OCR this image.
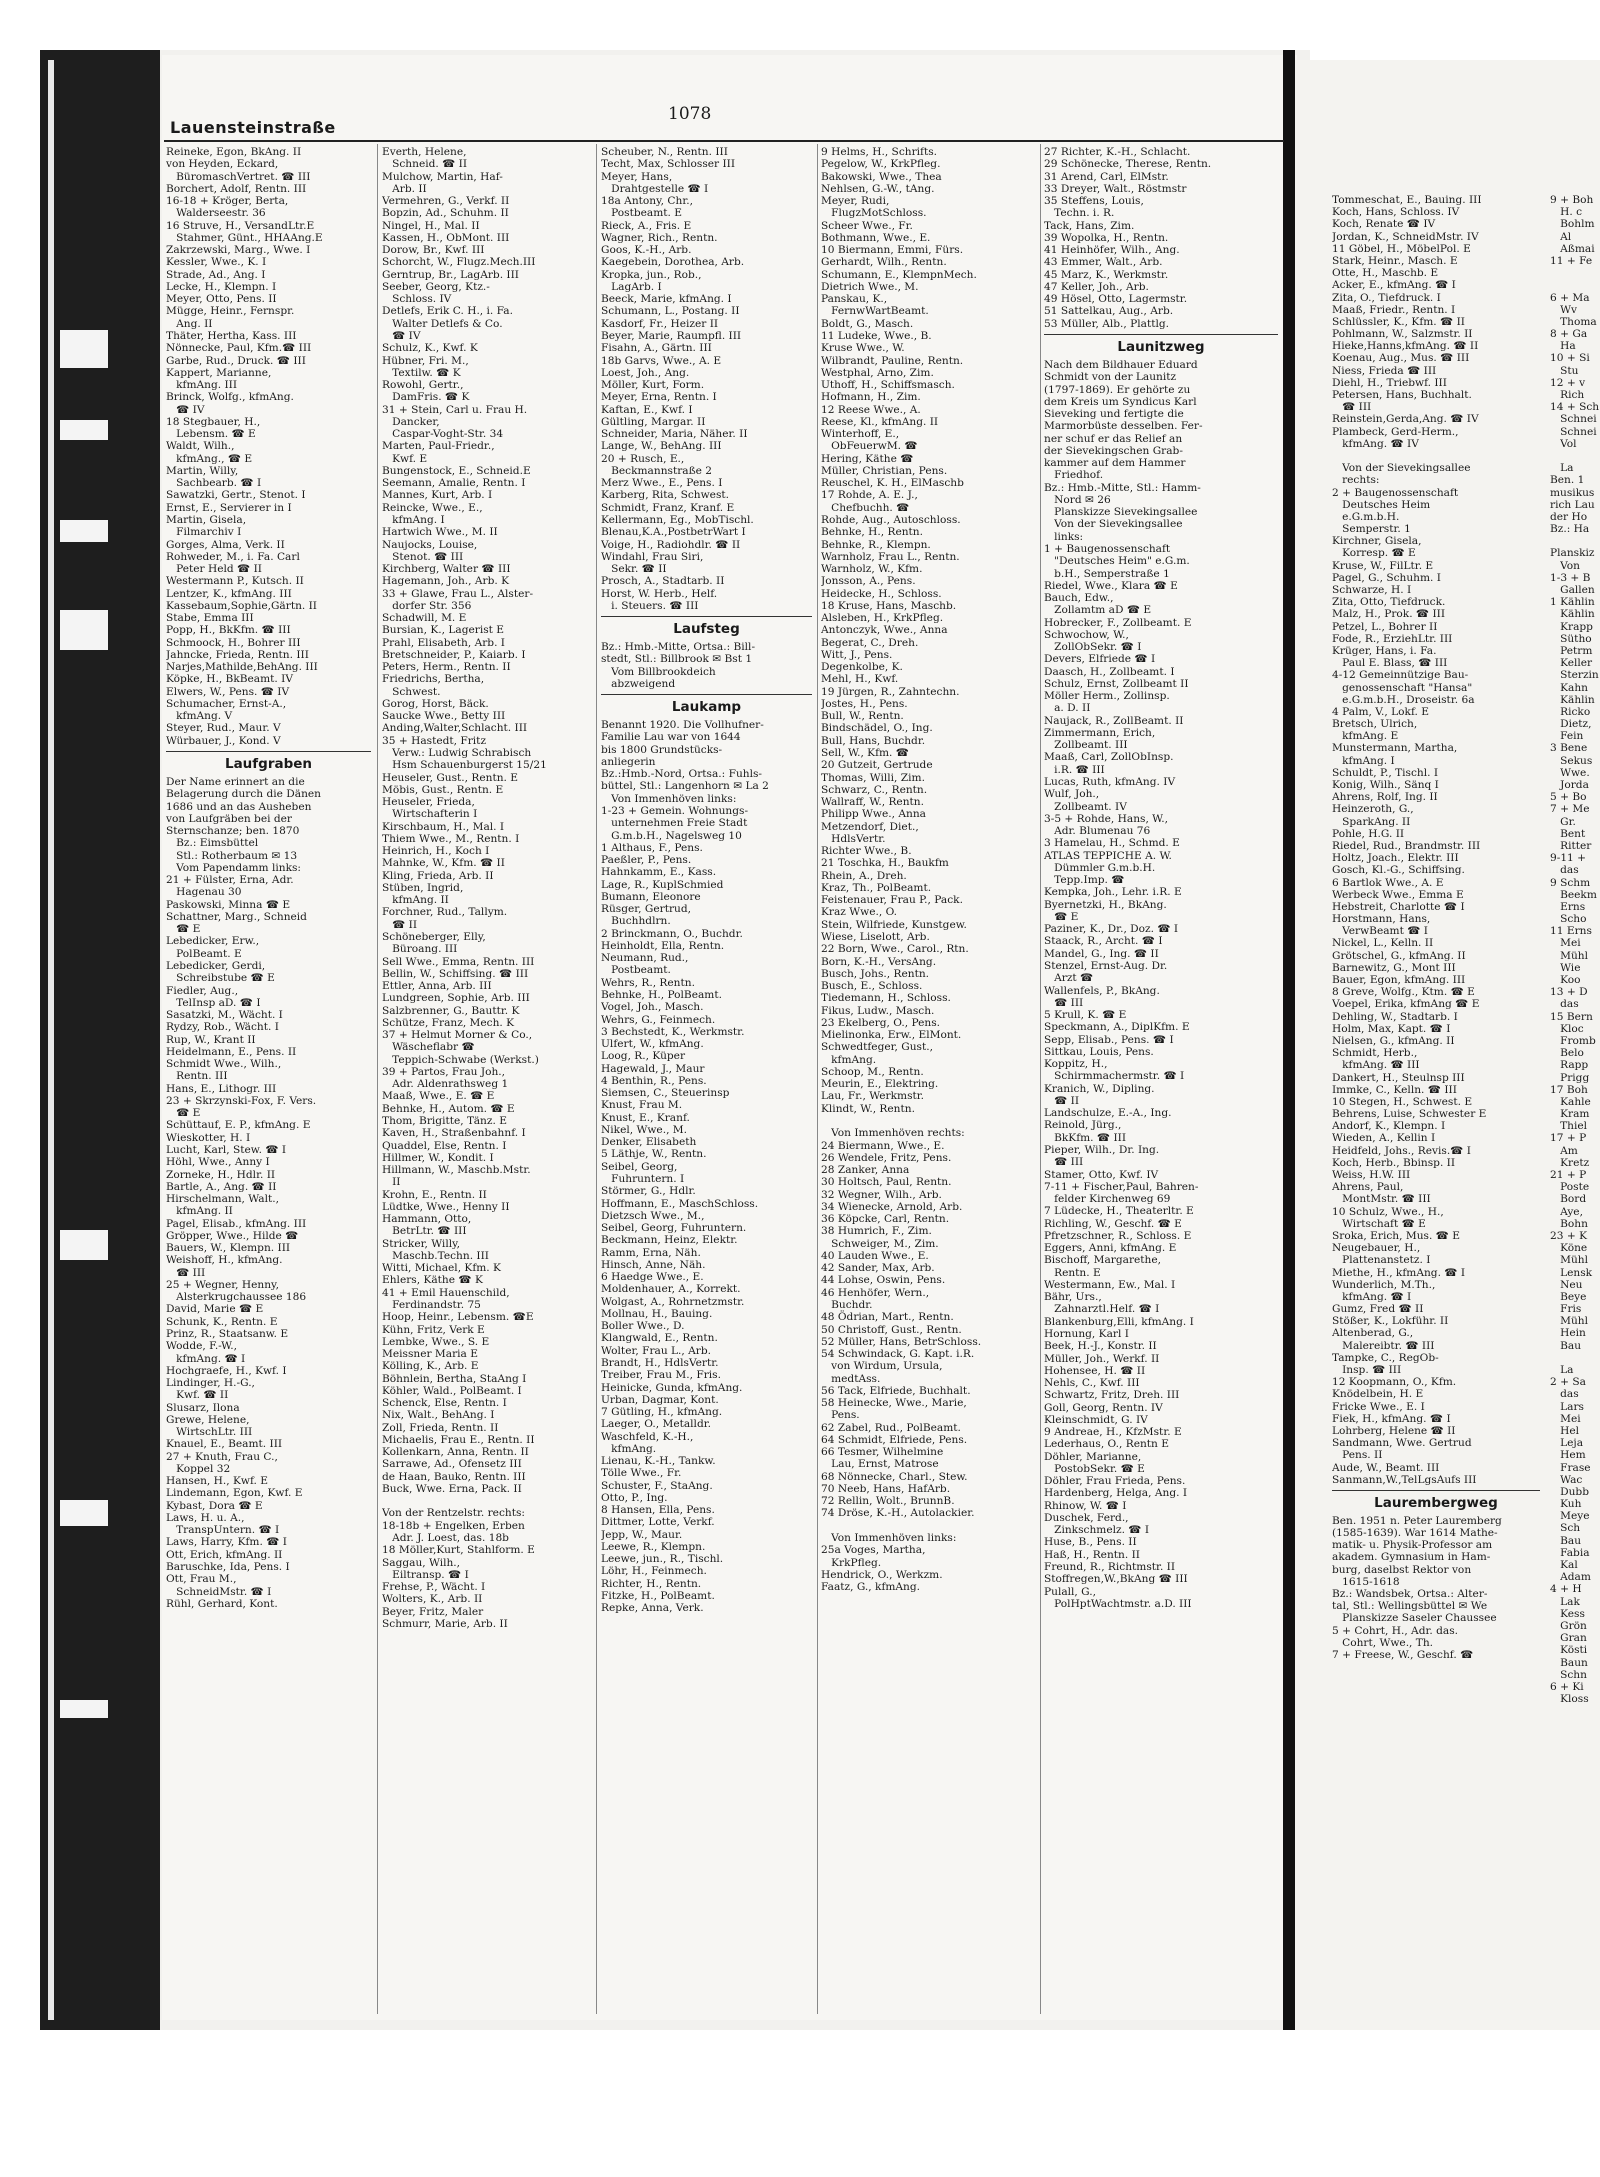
Lauensteinstraße
1078
Reineke, Egon, BkAng. II
von Heyden, Eckard,
BüromaschVertret. ☎ III
Borchert, Adolf, Rentn. III
16-18 + Kröger, Berta,
Walderseestr. 36
16 Struve, H., VersandLtr.E
Stahmer, Günt., HHAAng.E
Zakrzewski, Marg., Wwe. I
Kessler, Wwe., K. I
Strade, Ad., Ang. I
Lecke, H., Klempn. I
Meyer, Otto, Pens. II
Mügge, Heinr., Fernspr.
Ang. II
Thäter, Hertha, Kass. III
Nönnecke, Paul, Kfm.☎ III
Garbe, Rud., Druck. ☎ III
Kappert, Marianne,
kfmAng. III
Brinck, Wolfg., kfmAng.
☎ IV
18 Stegbauer, H.,
Lebensm. ☎ E
Waldt, Wilh.,
kfmAng., ☎ E
Martin, Willy,
Sachbearb. ☎ I
Sawatzki, Gertr., Stenot. I
Ernst, E., Servierer in I
Martin, Gisela,
Filmarchiv I
Gorges, Alma, Verk. II
Rohweder, M., i. Fa. Carl
Peter Held ☎ II
Westermann P., Kutsch. II
Lentzer, K., kfmAng. III
Kassebaum,Sophie,Gärtn. II
Stabe, Emma III
Popp, H., BkKfm. ☎ III
Schmoock, H., Bohrer III
Jahncke, Frieda, Rentn. III
Narjes,Mathilde,BehAng. III
Köpke, H., BkBeamt. IV
Elwers, W., Pens. ☎ IV
Schumacher, Ernst-A.,
kfmAng. V
Steyer, Rud., Maur. V
Würbauer, J., Kond. V
Laufgraben
Der Name erinnert an die
Belagerung durch die Dänen
1686 und an das Ausheben
von Laufgräben bei der
Sternschanze; ben. 1870
Bz.: Eimsbüttel
Stl.: Rotherbaum ✉ 13
Vom Papendamm links:
21 + Fülster, Erna, Adr.
Hagenau 30
Paskowski, Minna ☎ E
Schattner, Marg., Schneid
☎ E
Lebedicker, Erw.,
PolBeamt. E
Lebedicker, Gerdi,
Schreibstube ☎ E
Fiedler, Aug.,
TelInsp aD. ☎ I
Sasatzki, M., Wächt. I
Rydzy, Rob., Wächt. I
Rup, W., Krant II
Heidelmann, E., Pens. II
Schmidt Wwe., Wilh.,
Rentn. III
Hans, E., Lithogr. III
23 + Skrzynski-Fox, F. Vers.
☎ E
Schüttauf, E. P., kfmAng. E
Wieskotter, H. I
Lucht, Karl, Stew. ☎ I
Höhl, Wwe., Anny I
Zorneke, H., Hdlr. II
Bartle, A., Ang. ☎ II
Hirschelmann, Walt.,
kfmAng. II
Pagel, Elisab., kfmAng. III
Gröpper, Wwe., Hilde ☎
Bauers, W., Klempn. III
Weishoff, H., kfmAng.
☎ III
25 + Wegner, Henny,
Alsterkrugchaussee 186
David, Marie ☎ E
Schunk, K., Rentn. E
Prinz, R., Staatsanw. E
Wodde, F.-W.,
kfmAng. ☎ I
Hochgraefe, H., Kwf. I
Lindinger, H.-G.,
Kwf. ☎ II
Slusarz, Ilona
Grewe, Helene,
WirtschLtr. III
Knauel, E., Beamt. III
27 + Knuth, Frau C.,
Koppel 32
Hansen, H., Kwf. E
Lindemann, Egon, Kwf. E
Kybast, Dora ☎ E
Laws, H. u. A.,
TranspUntern. ☎ I
Laws, Harry, Kfm. ☎ I
Ott, Erich, kfmAng. II
Baruschke, Ida, Pens. I
Ott, Frau M.,
SchneidMstr. ☎ I
Rühl, Gerhard, Kont.
Everth, Helene,
Schneid. ☎ II
Mulchow, Martin, Haf-
Arb. II
Vermehren, G., Verkf. II
Bopzin, Ad., Schuhm. II
Ningel, H., Mal. II
Kassen, H., ObMont. III
Dorow, Br., Kwf. III
Schorcht, W., Flugz.Mech.III
Gerntrup, Br., LagArb. III
Seeber, Georg, Ktz.-
Schloss. IV
Detlefs, Erik C. H., i. Fa.
Walter Detlefs & Co.
☎ IV
Schulz, K., Kwf. K
Hübner, Fri. M.,
Textilw. ☎ K
Rowohl, Gertr.,
DamFris. ☎ K
31 + Stein, Carl u. Frau H.
Dancker,
Caspar-Voght-Str. 34
Marten, Paul-Friedr.,
Kwf. E
Bungenstock, E., Schneid.E
Seemann, Amalie, Rentn. I
Mannes, Kurt, Arb. I
Reincke, Wwe., E.,
kfmAng. I
Hartwich Wwe., M. II
Naujocks, Louise,
Stenot. ☎ III
Kirchberg, Walter ☎ III
Hagemann, Joh., Arb. K
33 + Glawe, Frau L., Alster-
dorfer Str. 356
Schadwill, M. E
Bursian, K., Lagerist E
Prahl, Elisabeth, Arb. I
Bretschneider, P., Kaiarb. I
Peters, Herm., Rentn. II
Friedrichs, Bertha,
Schwest.
Gorog, Horst, Bäck.
Saucke Wwe., Betty III
Anding,Walter,Schlacht. III
35 + Hastedt, Fritz
Verw.: Ludwig Schrabisch
Hsm Schauenburgerst 15/21
Heuseler, Gust., Rentn. E
Möbis, Gust., Rentn. E
Heuseler, Frieda,
Wirtschafterin I
Kirschbaum, H., Mal. I
Thiem Wwe., M., Rentn. I
Heinrich, H., Koch I
Mahnke, W., Kfm. ☎ II
Kling, Frieda, Arb. II
Stüben, Ingrid,
kfmAng. II
Forchner, Rud., Tallym.
☎ II
Schöneberger, Elly,
Büroang. III
Sell Wwe., Emma, Rentn. III
Bellin, W., Schiffsing. ☎ III
Ettler, Anna, Arb. III
Lundgreen, Sophie, Arb. III
Salzbrenner, G., Bauttr. K
Schütze, Franz, Mech. K
37 + Helmut Morner & Co.,
Wäscheflabr ☎
Teppich-Schwabe (Werkst.)
39 + Partos, Frau Joh.,
Adr. Aldenrathsweg 1
Maaß, Wwe., E. ☎ E
Behnke, H., Autom. ☎ E
Thom, Brigitte, Tänz. E
Kaven, H., Straßenbahnf. I
Quaddel, Else, Rentn. I
Hillmer, W., Kondit. I
Hillmann, W., Maschb.Mstr.
II
Krohn, E., Rentn. II
Lüdtke, Wwe., Henny II
Hammann, Otto,
BetrLtr. ☎ III
Stricker, Willy,
Maschb.Techn. III
Witti, Michael, Kfm. K
Ehlers, Käthe ☎ K
41 + Emil Hauenschild,
Ferdinandstr. 75
Hoop, Heinr., Lebensm. ☎E
Kühn, Fritz, Verk E
Lembke, Wwe., S. E
Meissner Maria E
Kölling, K., Arb. E
Böhnlein, Bertha, StaAng I
Köhler, Wald., PolBeamt. I
Schenck, Else, Rentn. I
Nix, Walt., BehAng. I
Zoll, Frieda, Rentn. II
Michaelis, Frau E., Rentn. II
Kollenkarn, Anna, Rentn. II
Sarrawe, Ad., Ofensetz III
de Haan, Bauko, Rentn. III
Buck, Wwe. Erna, Pack. II
Von der Rentzelstr. rechts:
18-18b + Engelken, Erben
Adr. J. Loest, das. 18b
18 Möller,Kurt, Stahlform. E
Saggau, Wilh.,
Eiltransp. ☎ I
Frehse, P., Wächt. I
Wolters, K., Arb. II
Beyer, Fritz, Maler
Schmurr, Marie, Arb. II
Scheuber, N., Rentn. III
Techt, Max, Schlosser III
Meyer, Hans,
Drahtgestelle ☎ I
18a Antony, Chr.,
Postbeamt. E
Rieck, A., Fris. E
Wagner, Rich., Rentn.
Goos, K.-H., Arb.
Kaegebein, Dorothea, Arb.
Kropka, jun., Rob.,
LagArb. I
Beeck, Marie, kfmAng. I
Schumann, L., Postang. II
Kasdorf, Fr., Heizer II
Beyer, Marie, Raumpfl. III
Fisahn, A., Gärtn. III
18b Garvs, Wwe., A. E
Loest, Joh., Ang.
Möller, Kurt, Form.
Meyer, Erna, Rentn. I
Kaftan, E., Kwf. I
Gültling, Margar. II
Schneider, Maria, Näher. II
Lange, W., BehAng. III
20 + Rusch, E.,
Beckmannstraße 2
Merz Wwe., E., Pens. I
Karberg, Rita, Schwest.
Schmidt, Franz, Kranf. E
Kellermann, Eg., MobTischl.
Blenau,K.A.,PostbetrWart I
Voige, H., Radiohdlr. ☎ II
Windahl, Frau Siri,
Sekr. ☎ II
Prosch, A., Stadtarb. II
Horst, W. Herb., Helf.
i. Steuers. ☎ III
Laufsteg
Bz.: Hmb.-Mitte, Ortsa.: Bill-
stedt, Stl.: Billbrook ✉ Bst 1
Vom Billbrookdeich
abzweigend
Laukamp
Benannt 1920. Die Vollhufner-
Familie Lau war von 1644
bis 1800 Grundstücks-
anliegerin
Bz.:Hmb.-Nord, Ortsa.: Fuhls-
büttel, Stl.: Langenhorn ✉ La 2
Von Immenhöven links:
1-23 + Gemein. Wohnungs-
unternehmen Freie Stadt
G.m.b.H., Nagelsweg 10
1 Althaus, F., Pens.
Paeßler, P., Pens.
Hahnkamm, E., Kass.
Lage, R., KuplSchmied
Bumann, Eleonore
Rüsger, Gertrud,
Buchhdlrn.
2 Brinckmann, O., Buchdr.
Heinholdt, Ella, Rentn.
Neumann, Rud.,
Postbeamt.
Wehrs, R., Rentn.
Behnke, H., PolBeamt.
Vogel, Joh., Masch.
Wehrs, G., Feinmech.
3 Bechstedt, K., Werkmstr.
Ulfert, W., kfmAng.
Loog, R., Küper
Hagewald, J., Maur
4 Benthin, R., Pens.
Siemsen, C., Steuerinsp
Knust, Frau M.
Knust, E., Kranf.
Nikel, Wwe., M.
Denker, Elisabeth
5 Läthje, W., Rentn.
Seibel, Georg,
Fuhruntern. I
Störmer, G., Hdlr.
Hoffmann, E., MaschSchloss.
Dietzsch Wwe., M.,
Seibel, Georg, Fuhruntern.
Beckmann, Heinz, Elektr.
Ramm, Erna, Näh.
Hinsch, Anne, Näh.
6 Haedge Wwe., E.
Moldenhauer, A., Korrekt.
Wolgast, A., Rohrnetzmstr.
Mollnau, H., Bauing.
Boller Wwe., D.
Klangwald, E., Rentn.
Wolter, Frau L., Arb.
Brandt, H., HdlsVertr.
Treiber, Frau M., Fris.
Heinicke, Gunda, kfmAng.
Urban, Dagmar, Kont.
7 Gütling, H., kfmAng.
Laeger, O., Metalldr.
Waschfeld, K.-H.,
kfmAng.
Lienau, K.-H., Tankw.
Tölle Wwe., Fr.
Schuster, F., StaAng.
Otto, P., Ing.
8 Hansen, Ella, Pens.
Dittmer, Lotte, Verkf.
Jepp, W., Maur.
Leewe, R., Klempn.
Leewe, jun., R., Tischl.
Löhr, H., Feinmech.
Richter, H., Rentn.
Fitzke, H., PolBeamt.
Repke, Anna, Verk.
9 Helms, H., Schrifts.
Pegelow, W., KrkPfleg.
Bakowski, Wwe., Thea
Nehlsen, G.-W., tAng.
Meyer, Rudi,
FlugzMotSchloss.
Scheer Wwe., Fr.
Bothmann, Wwe., E.
10 Biermann, Emmi, Fürs.
Gerhardt, Wilh., Rentn.
Schumann, E., KlempnMech.
Dietrich Wwe., M.
Panskau, K.,
FernwWartBeamt.
Boldt, G., Masch.
11 Ludeke, Wwe., B.
Kruse Wwe., W.
Wilbrandt, Pauline, Rentn.
Westphal, Arno, Zim.
Uthoff, H., Schiffsmasch.
Hofmann, H., Zim.
12 Reese Wwe., A.
Reese, Kl., kfmAng. II
Winterhoff, E.,
ObFeuerwM. ☎
Hering, Käthe ☎
Müller, Christian, Pens.
Reuschel, K. H., ElMaschb
17 Rohde, A. E. J.,
Chefbuchh. ☎
Rohde, Aug., Autoschloss.
Behnke, H., Rentn.
Behnke, R., Klempn.
Warnholz, Frau L., Rentn.
Warnholz, W., Kfm.
Jonsson, A., Pens.
Heidecke, H., Schloss.
18 Kruse, Hans, Maschb.
Alsleben, H., KrkPfleg.
Antonczyk, Wwe., Anna
Begerat, C., Dreh.
Witt, J., Pens.
Degenkolbe, K.
Mehl, H., Kwf.
19 Jürgen, R., Zahntechn.
Jostes, H., Pens.
Bull, W., Rentn.
Bindschädel, O., Ing.
Bull, Hans, Buchdr.
Sell, W., Kfm. ☎
20 Gutzeit, Gertrude
Thomas, Willi, Zim.
Schwarz, C., Rentn.
Wallraff, W., Rentn.
Philipp Wwe., Anna
Metzendorf, Diet.,
HdlsVertr.
Richter Wwe., B.
21 Toschka, H., Baukfm
Rhein, A., Dreh.
Kraz, Th., PolBeamt.
Feistenauer, Frau P., Pack.
Kraz Wwe., O.
Stein, Wilfriede, Kunstgew.
Wiese, Liselott, Arb.
22 Born, Wwe., Carol., Rtn.
Born, K.-H., VersAng.
Busch, Johs., Rentn.
Busch, E., Schloss.
Tiedemann, H., Schloss.
Fikus, Ludw., Masch.
23 Ekelberg, O., Pens.
Mielinonka, Erw., ElMont.
Schwedtfeger, Gust.,
kfmAng.
Schoop, M., Rentn.
Meurin, E., Elektring.
Lau, Fr., Werkmstr.
Klindt, W., Rentn.
Von Immenhöven rechts:
24 Biermann, Wwe., E.
26 Wendele, Fritz, Pens.
28 Zanker, Anna
30 Holtsch, Paul, Rentn.
32 Wegner, Wilh., Arb.
34 Wienecke, Arnold, Arb.
36 Köpcke, Carl, Rentn.
38 Humrich, F., Zim.
Schweiger, M., Zim.
40 Lauden Wwe., E.
42 Sander, Max, Arb.
44 Lohse, Oswin, Pens.
46 Henhöfer, Wern.,
Buchdr.
48 Ödrian, Mart., Rentn.
50 Christoff, Gust., Rentn.
52 Müller, Hans, BetrSchloss.
54 Schwindack, G. Kapt. i.R.
von Wirdum, Ursula,
medtAss.
56 Tack, Elfriede, Buchhalt.
58 Heinecke, Wwe., Marie,
Pens.
62 Zabel, Rud., PolBeamt.
64 Schmidt, Elfriede, Pens.
66 Tesmer, Wilhelmine
Lau, Ernst, Matrose
68 Nönnecke, Charl., Stew.
70 Neeb, Hans, HafArb.
72 Rellin, Wolt., BrunnB.
74 Dröse, K.-H., Autolackier.
Von Immenhöven links:
25a Voges, Martha,
KrkPfleg.
Hendrick, O., Werkzm.
Faatz, G., kfmAng.
27 Richter, K.-H., Schlacht.
29 Schönecke, Therese, Rentn.
31 Arend, Carl, ElMstr.
33 Dreyer, Walt., Röstmstr
35 Steffens, Louis,
Techn. i. R.
Tack, Hans, Zim.
39 Wopolka, H., Rentn.
41 Heinhöfer, Wilh., Ang.
43 Emmer, Walt., Arb.
45 Marz, K., Werkmstr.
47 Keller, Joh., Arb.
49 Hösel, Otto, Lagermstr.
51 Sattelkau, Aug., Arb.
53 Müller, Alb., Plattlg.
Launitzweg
Nach dem Bildhauer Eduard
Schmidt von der Launitz
(1797-1869). Er gehörte zu
dem Kreis um Syndicus Karl
Sieveking und fertigte die
Marmorbüste desselben. Fer-
ner schuf er das Relief an
der Sievekingschen Grab-
kammer auf dem Hammer
Friedhof.
Bz.: Hmb.-Mitte, Stl.: Hamm-
Nord ✉ 26
Planskizze Sievekingsallee
Von der Sievekingsallee
links:
1 + Baugenossenschaft
"Deutsches Heim" e.G.m.
b.H., Semperstraße 1
Riedel, Wwe., Klara ☎ E
Bauch, Edw.,
Zollamtm aD ☎ E
Hobrecker, F., Zollbeamt. E
Schwochow, W.,
ZollObSekr. ☎ I
Devers, Elfriede ☎ I
Daasch, H., Zollbeamt. I
Schulz, Ernst, Zollbeamt II
Möller Herm., Zollinsp.
a. D. II
Naujack, R., ZollBeamt. II
Zimmermann, Erich,
Zollbeamt. III
Maaß, Carl, ZollObInsp.
i.R. ☎ III
Lucas, Ruth, kfmAng. IV
Wulf, Joh.,
Zollbeamt. IV
3-5 + Rohde, Hans, W.,
Adr. Blumenau 76
3 Hamelau, H., Schmd. E
ATLAS TEPPICHE A. W.
Dümmler G.m.b.H.
Tepp.Imp. ☎
Kempka, Joh., Lehr. i.R. E
Byernetzki, H., BkAng.
☎ E
Paziner, K., Dr., Doz. ☎ I
Staack, R., Archt. ☎ I
Mandel, G., Ing. ☎ II
Stenzel, Ernst-Aug. Dr.
Arzt ☎
Wallenfels, P., BkAng.
☎ III
5 Krull, K. ☎ E
Speckmann, A., DiplKfm. E
Sepp, Elisab., Pens. ☎ I
Sittkau, Louis, Pens.
Koppitz, H.,
Schirmmachermstr. ☎ I
Kranich, W., Dipling.
☎ II
Landschulze, E.-A., Ing.
Reinold, Jürg.,
BkKfm. ☎ III
Pieper, Wilh., Dr. Ing.
☎ III
Stamer, Otto, Kwf. IV
7-11 + Fischer,Paul, Bahren-
felder Kirchenweg 69
7 Lüdecke, H., Theaterltr. E
Richling, W., Geschf. ☎ E
Pfretzschner, R., Schloss. E
Eggers, Anni, kfmAng. E
Bischoff, Margarethe,
Rentn. E
Westermann, Ew., Mal. I
Bähr, Urs.,
Zahnarztl.Helf. ☎ I
Blankenburg,Elli, kfmAng. I
Hornung, Karl I
Beek, H.-J., Konstr. II
Müller, Joh., Werkf. II
Hohensee, H. ☎ II
Nehls, C., Kwf. III
Schwartz, Fritz, Dreh. III
Goll, Georg, Rentn. IV
Kleinschmidt, G. IV
9 Andreae, H., KfzMstr. E
Lederhaus, O., Rentn E
Döhler, Marianne,
PostobSekr. ☎ E
Döhler, Frau Frieda, Pens.
Hardenberg, Helga, Ang. I
Rhinow, W. ☎ I
Duschek, Ferd.,
Zinkschmelz. ☎ I
Huse, B., Pens. II
Haß, H., Rentn. II
Freund, R., Richtmstr. II
Stoffregen,W.,BkAng ☎ III
Pulall, G.,
PolHptWachtmstr. a.D. III
Tommeschat, E., Bauing. III
Koch, Hans, Schloss. IV
Koch, Renate ☎ IV
Jordan, K., SchneidMstr. IV
11 Göbel, H., MöbelPol. E
Stark, Heinr., Masch. E
Otte, H., Maschb. E
Acker, E., kfmAng. ☎ I
Zita, O., Tiefdruck. I
Maaß, Friedr., Rentn. I
Schlüssler, K., Kfm. ☎ II
Pohlmann, W., Salzmstr. II
Hieke,Hanns,kfmAng. ☎ II
Koenau, Aug., Mus. ☎ III
Niess, Frieda ☎ III
Diehl, H., Triebwf. III
Petersen, Hans, Buchhalt.
☎ III
Reinstein,Gerda,Ang. ☎ IV
Plambeck, Gerd-Herm.,
kfmAng. ☎ IV
Von der Sievekingsallee
rechts:
2 + Baugenossenschaft
Deutsches Heim
e.G.m.b.H.
Semperstr. 1
Kirchner, Gisela,
Korresp. ☎ E
Kruse, W., FilLtr. E
Pagel, G., Schuhm. I
Schwarze, H. I
Zita, Otto, Tiefdruck.
Malz, H., Prok. ☎ III
Petzel, L., Bohrer II
Fode, R., ErziehLtr. III
Krüger, Hans, i. Fa.
Paul E. Blass, ☎ III
4-12 Gemeinnützige Bau-
genossenschaft "Hansa"
e.G.m.b.H., Droseistr. 6a
4 Palm, V., Lokf. E
Bretsch, Ulrich,
kfmAng. E
Munstermann, Martha,
kfmAng. I
Schuldt, P., Tischl. I
Konig, Wilh., Sänq I
Ahrens, Rolf, Ing. II
Heinzeroth, G.,
SparkAng. II
Pohle, H.G. II
Riedel, Rud., Brandmstr. III
Holtz, Joach., Elektr. III
Gosch, Kl.-G., Schiffsing.
6 Bartlok Wwe., A. E
Werbeck Wwe., Emma E
Hebstreit, Charlotte ☎ I
Horstmann, Hans,
VerwBeamt ☎ I
Nickel, L., Kelln. II
Grötschel, G., kfmAng. II
Barnewitz, G., Mont III
Bauer, Egon, kfmAng. III
8 Greve, Wolfg., Ktm. ☎ E
Voepel, Erika, kfmAng ☎ E
Dehling, W., Stadtarb. I
Holm, Max, Kapt. ☎ I
Nielsen, G., kfmAng. II
Schmidt, Herb.,
kfmAng. ☎ III
Dankert, H., Steulnsp III
Immke, C., Kelln. ☎ III
10 Stegen, H., Schwest. E
Behrens, Luise, Schwester E
Andorf, K., Klempn. I
Wieden, A., Kellin I
Heidfeld, Johs., Revis.☎ I
Koch, Herb., Bbinsp. II
Weiss, H.W. III
Ahrens, Paul,
MontMstr. ☎ III
10 Schulz, Wwe., H.,
Wirtschaft ☎ E
Sroka, Erich, Mus. ☎ E
Neugebauer, H.,
Plattenanstetz. I
Miethe, H., kfmAng. ☎ I
Wunderlich, M.Th.,
kfmAng. ☎ I
Gumz, Fred ☎ II
Stößer, K., Lokführ. II
Altenberad, G.,
Malereibtr. ☎ III
Tampke, C., RegOb-
Insp. ☎ III
12 Koopmann, O., Kfm.
Knödelbein, H. E
Fricke Wwe., E. I
Fiek, H., kfmAng. ☎ I
Lohrberg, Helene ☎ II
Sandmann, Wwe. Gertrud
Pens. II
Aude, W., Beamt. III
Sanmann,W.,TelLgsAufs III
Laurembergweg
Ben. 1951 n. Peter Lauremberg
(1585-1639). War 1614 Mathe-
matik- u. Physik-Professor am
akadem. Gymnasium in Ham-
burg, daselbst Rektor von
1615-1618
Bz.: Wandsbek, Ortsa.: Alter-
tal, Stl.: Wellingsbüttel ✉ We
Planskizze Saseler Chaussee
5 + Cohrt, H., Adr. das.
Cohrt, Wwe., Th.
7 + Freese, W., Geschf. ☎
9 + Boh
H. c
Bohlm
Al
Aßmai
11 + Fe
6 + Ma
Wv
Thoma
8 + Ga
Ha
10 + Si
Stu
12 + v
Rich
14 + Sch
Schnei
Schnei
Vol
La
Ben. 1
musikus
rich Lau
der Ho
Bz.: Ha
Planskiz
Von
1-3 + B
Gallen
1 Kählin
Kählin
Krapp
Sütho
Petrm
Keller
Sterzin
Kahn
Kählin
Ricko
Dietz,
Fein
3 Bene
Sekus
Wwe.
Jorda
5 + Bo
7 + Me
Gr.
Bent
Ritter
9-11 +
das
9 Schm
Beekm
Erns
Scho
11 Erns
Mei
Mühl
Wie
Koo
13 + D
das
15 Bern
Kloc
Fromb
Belo
Rapp
Prigg
17 Boh
Kahle
Kram
Thiel
17 + P
Am
Kretz
21 + P
Poste
Bord
Aye,
Bohn
23 + K
Köne
Mühl
Lensk
Neu
Beye
Fris
Mühl
Hein
Bau
La
2 + Sa
das
Lars
Mei
Hel
Leja
Hem
Frase
Wac
Dubb
Kuh
Meye
Sch
Bau
Fabia
Kal
Adam
4 + H
Lak
Kess
Grön
Gran
Kösti
Baun
Schn
6 + Ki
Kloss
